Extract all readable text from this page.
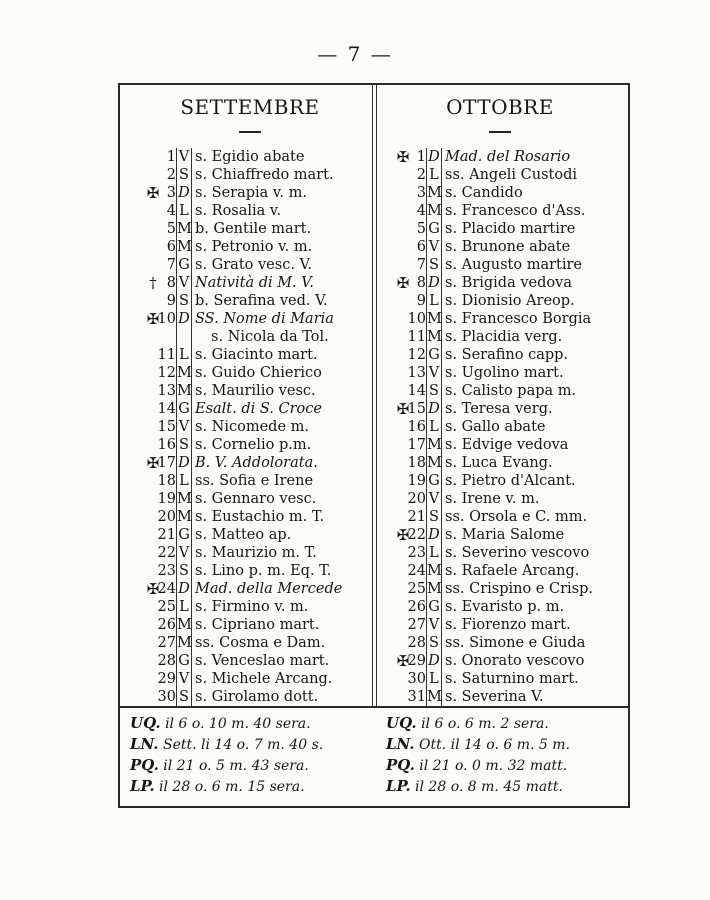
— 7 —
SETTEMBRE	OTTOBRE
1 V s. Egidio abate
2 S s. Chiaffredo mart.
✠ 3 D s. Serapia v. m.
4 L s. Rosalia v.
5 M b. Gentile mart.
6 M s. Petronio v. m.
7 G s. Grato vesc. V.
† 8 V Natività di M. V.
9 S b. Serafina ved. V.
✠
10 D SS. Nome di Maria
s. Nicola da Tol.
11 L s. Giacinto mart.
12 M s. Guido Chierico
13 M s. Maurilio vesc.
14 G Esalt. di S. Croce
15 V s. Nicomede m.
16 S s. Cornelio p.m.
✠
17 D B. V. Addolorata.
18 L ss. Sofia e Irene
19 M s. Gennaro vesc.
20 M s. Eustachio m. T.
21 G s. Matteo ap.
22 V s. Maurizio m. T.
23 S s. Lino p. m. Eq. T.
✠
24 D Mad. della Mercede
25 L s. Firmino v. m.
26 M s. Cipriano mart.
27 M ss. Cosma e Dam.
28 G s. Venceslao mart.
29 V s. Michele Arcang.
30 S s. Girolamo dott.
✠ 1 D Mad. del Rosario
2 L ss. Angeli Custodi
3 M s. Candido
4 M s. Francesco d'Ass.
5 G s. Placido martire
6 V s. Brunone abate
7 S s. Augusto martire
✠ 8 D s. Brigida vedova
9 L s. Dionisio Areop.
10 M s. Francesco Borgia
11 M s. Placidia verg.
12 G s. Serafino capp.
13 V s. Ugolino mart.
14 S s. Calisto papa m.
✠
15 D s. Teresa verg.
16 L s. Gallo abate
17 M s. Edvige vedova
18 M s. Luca Evang.
19 G s. Pietro d'Alcant.
20 V s. Irene v. m.
21 S ss. Orsola e C. mm.
✠
22 D s. Maria Salome
23 L s. Severino vescovo
24 M s. Rafaele Arcang.
25 M ss. Crispino e Crisp.
26 G s. Evaristo p. m.
27 V s. Fiorenzo mart.
28 S ss. Simone e Giuda
✠
29 D s. Onorato vescovo
30 L s. Saturnino mart.
31 M s. Severina V.
UQ. il 6 o. 10 m. 40 sera.
LN. Sett. li 14 o. 7 m. 40 s.
PQ. il 21 o. 5 m. 43 sera.
LP. il 28 o. 6 m. 15 sera.
UQ. il 6 o. 6 m. 2 sera.
LN. Ott. il 14 o. 6 m. 5 m.
PQ. il 21 o. 0 m. 32 matt.
LP. il 28 o. 8 m. 45 matt.
